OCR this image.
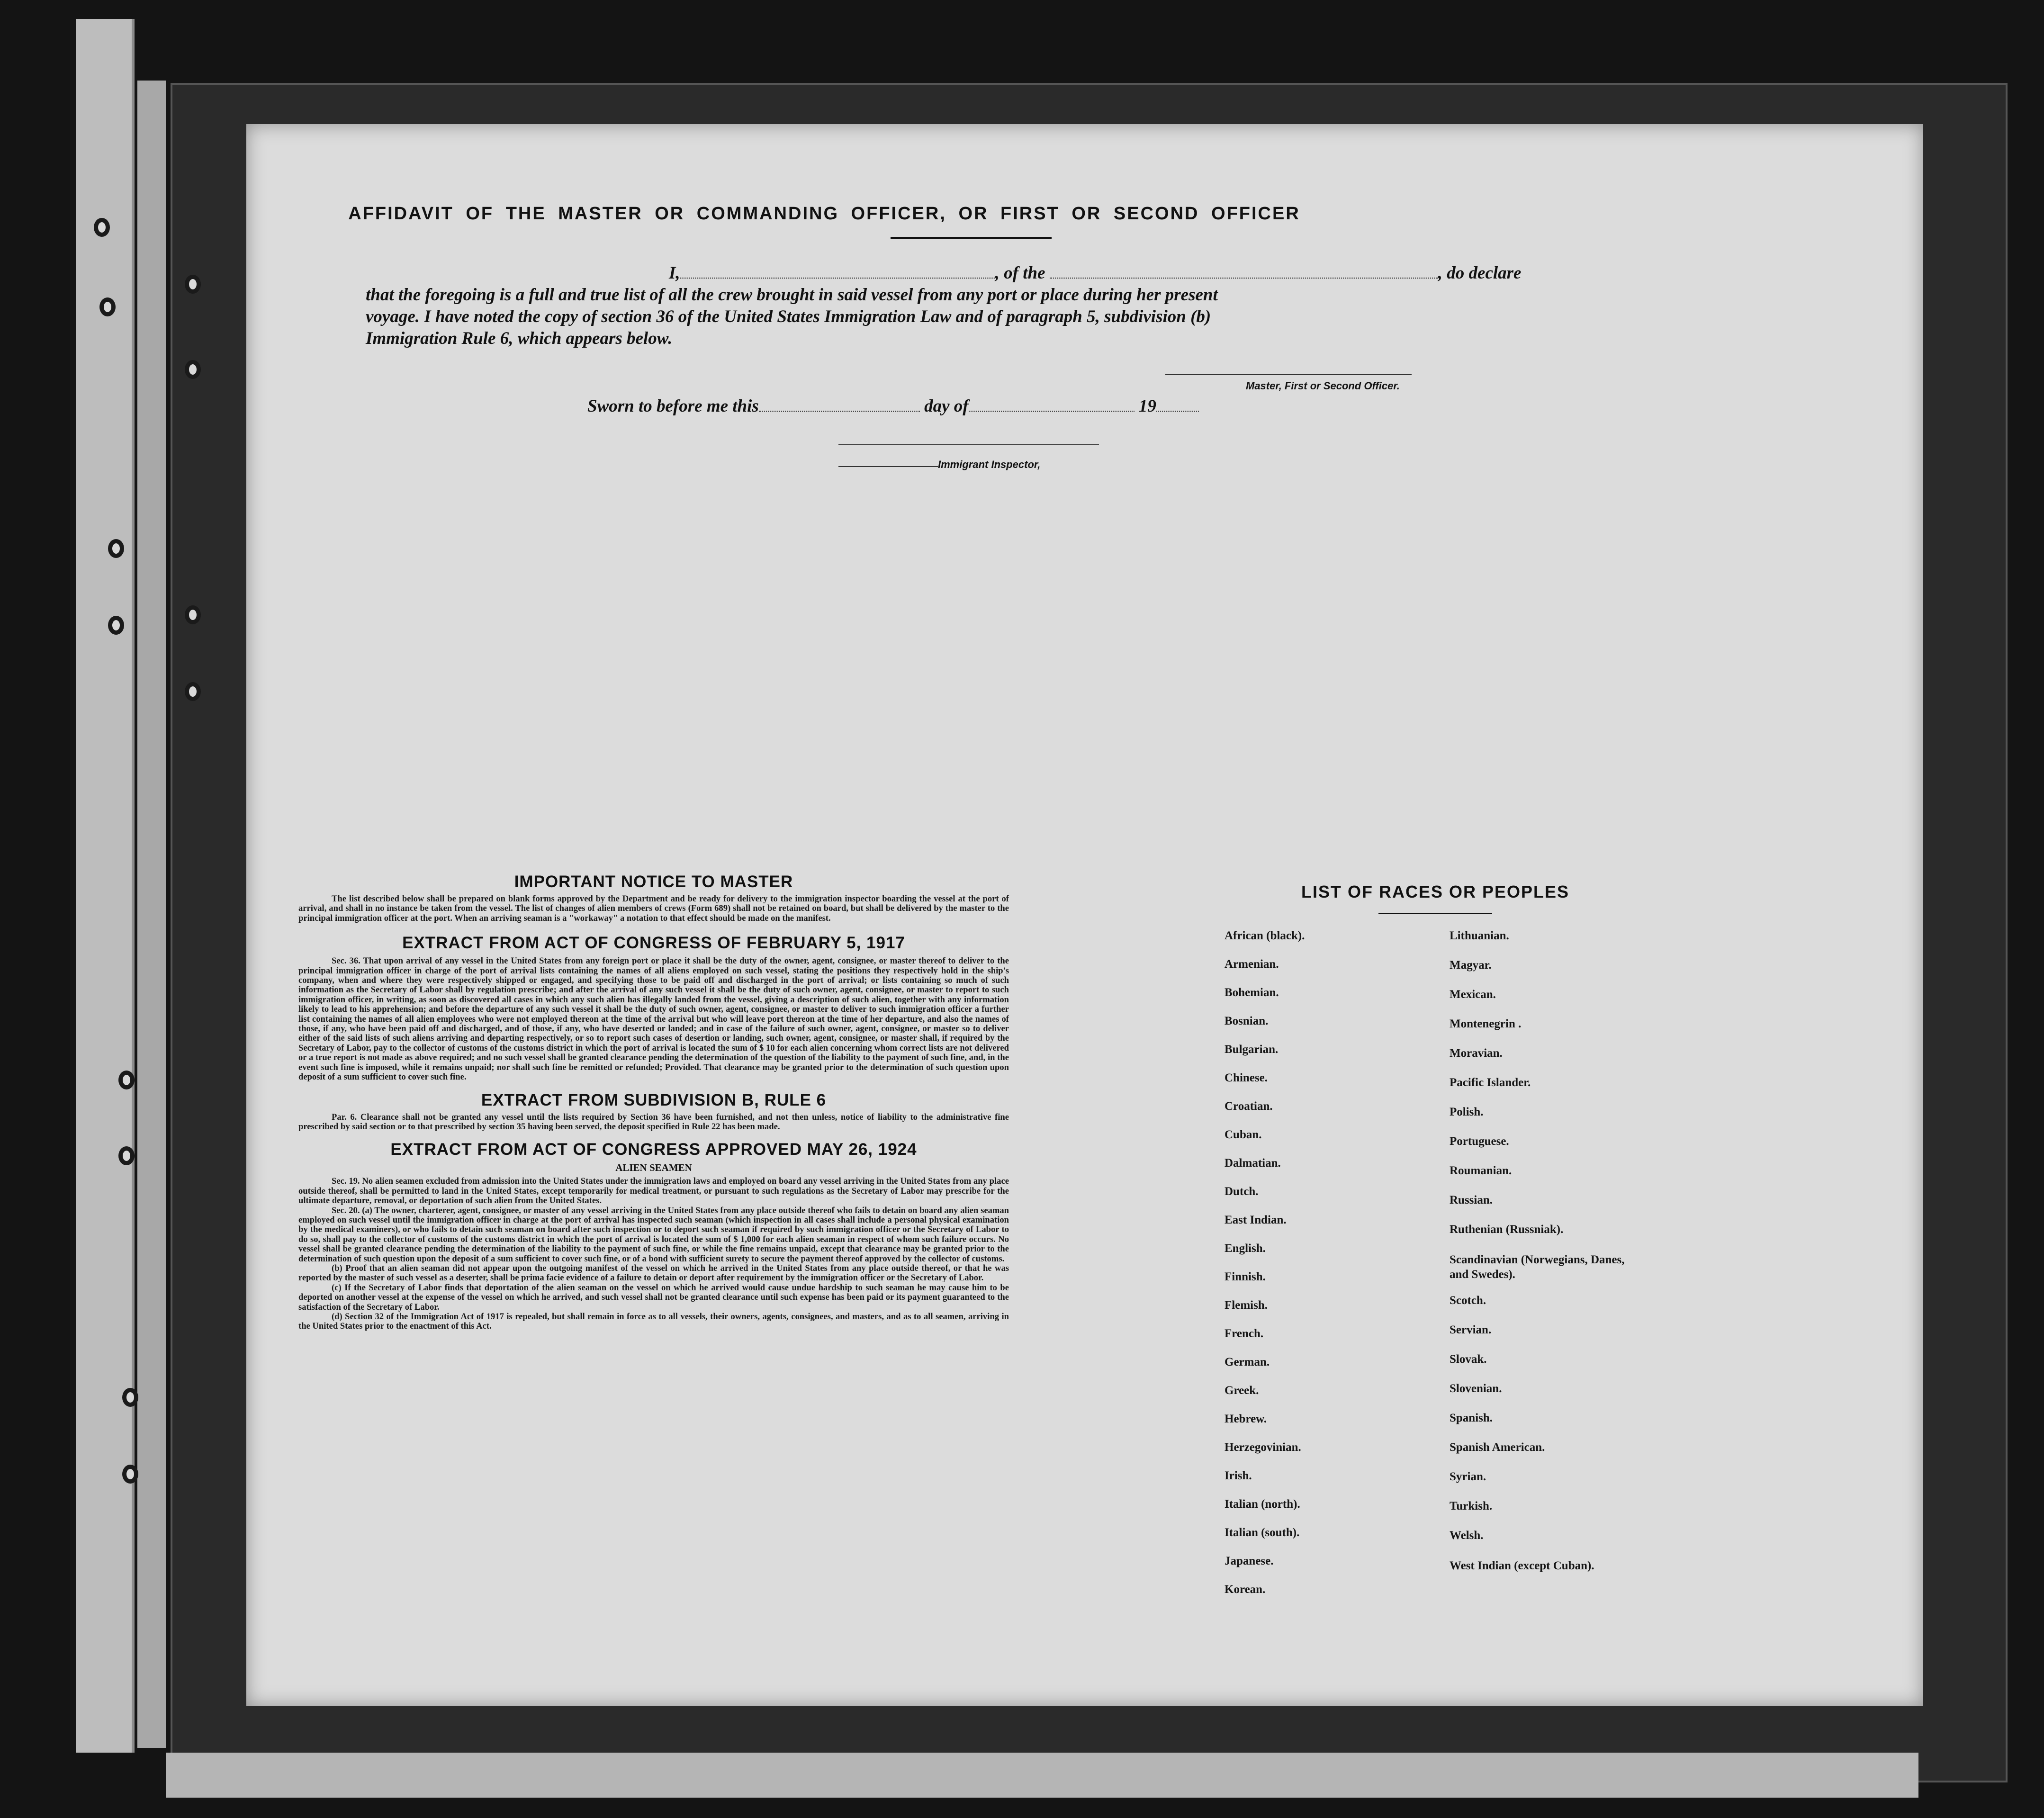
AFFIDAVIT OF THE MASTER OR COMMANDING OFFICER, OR FIRST OR SECOND OFFICER
I,	, of the	, do declare
that the foregoing is a full and true list of all the crew brought in said vessel from any port or place during her present voyage. I have noted the copy of section 36 of the United States Immigration Law and of paragraph 5, subdivision (b) Immigration Rule 6, which appears below.
Master, First or Second Officer.
Sworn to before me this	day of	19
Immigrant Inspector,
IMPORTANT NOTICE TO MASTER

The list described below shall be prepared on blank forms approved by the Department and be ready for delivery to the immigration inspector boarding the vessel at the port of arrival, and shall in no instance be taken from the vessel. The list of changes of alien members of crews (Form 689) shall not be retained on board, but shall be delivered by the master to the principal immigration officer at the port. When an arriving seaman is a "workaway" a notation to that effect should be made on the manifest.

EXTRACT FROM ACT OF CONGRESS OF FEBRUARY 5, 1917

Sec. 36. That upon arrival of any vessel in the United States from any foreign port or place it shall be the duty of the owner, agent, consignee, or master thereof to deliver to the principal immigration officer in charge of the port of arrival lists containing the names of all aliens employed on such vessel, stating the positions they respectively hold in the ship's company, when and where they were respectively shipped or engaged, and specifying those to be paid off and discharged in the port of arrival; or lists containing so much of such information as the Secretary of Labor shall by regulation prescribe; and after the arrival of any such vessel it shall be the duty of such owner, agent, consignee, or master to report to such immigration officer, in writing, as soon as discovered all cases in which any such alien has illegally landed from the vessel, giving a description of such alien, together with any information likely to lead to his apprehension; and before the departure of any such vessel it shall be the duty of such owner, agent, consignee, or master to deliver to such immigration officer a further list containing the names of all alien employees who were not employed thereon at the time of the arrival but who will leave port thereon at the time of her departure, and also the names of those, if any, who have been paid off and discharged, and of those, if any, who have deserted or landed; and in case of the failure of such owner, agent, consignee, or master so to deliver either of the said lists of such aliens arriving and departing respectively, or so to report such cases of desertion or landing, such owner, agent, consignee, or master shall, if required by the Secretary of Labor, pay to the collector of customs of the customs district in which the port of arrival is located the sum of $ 10 for each alien concerning whom correct lists are not delivered or a true report is not made as above required; and no such vessel shall be granted clearance pending the determination of the question of the liability to the payment of such fine, and, in the event such fine is imposed, while it remains unpaid; nor shall such fine be remitted or refunded; Provided. That clearance may be granted prior to the determination of such question upon deposit of a sum sufficient to cover such fine.

EXTRACT FROM SUBDIVISION B, RULE 6

Par. 6. Clearance shall not be granted any vessel until the lists required by Section 36 have been furnished, and not then unless, notice of liability to the administrative fine prescribed by said section or to that prescribed by section 35 having been served, the deposit specified in Rule 22 has been made.

EXTRACT FROM ACT OF CONGRESS APPROVED MAY 26, 1924
ALIEN SEAMEN

Sec. 19. No alien seamen excluded from admission into the United States under the immigration laws and employed on board any vessel arriving in the United States from any place outside thereof, shall be permitted to land in the United States, except temporarily for medical treatment, or pursuant to such regulations as the Secretary of Labor may prescribe for the ultimate departure, removal, or deportation of such alien from the United States.

Sec. 20. (a) The owner, charterer, agent, consignee, or master of any vessel arriving in the United States from any place outside thereof who fails to detain on board any alien seaman employed on such vessel until the immigration officer in charge at the port of arrival has inspected such seaman (which inspection in all cases shall include a personal physical examination by the medical examiners), or who fails to detain such seaman on board after such inspection or to deport such seaman if required by such immigration officer or the Secretary of Labor to do so, shall pay to the collector of customs of the customs district in which the port of arrival is located the sum of $ 1,000 for each alien seaman in respect of whom such failure occurs. No vessel shall be granted clearance pending the determination of the liability to the payment of such fine, or while the fine remains unpaid, except that clearance may be granted prior to the determination of such question upon the deposit of a sum sufficient to cover such fine, or of a bond with sufficient surety to secure the payment thereof approved by the collector of customs.

(b) Proof that an alien seaman did not appear upon the outgoing manifest of the vessel on which he arrived in the United States from any place outside thereof, or that he was reported by the master of such vessel as a deserter, shall be prima facie evidence of a failure to detain or deport after requirement by the immigration officer or the Secretary of Labor.

(c) If the Secretary of Labor finds that deportation of the alien seaman on the vessel on which he arrived would cause undue hardship to such seaman he may cause him to be deported on another vessel at the expense of the vessel on which he arrived, and such vessel shall not be granted clearance until such expense has been paid or its payment guaranteed to the satisfaction of the Secretary of Labor.

(d) Section 32 of the Immigration Act of 1917 is repealed, but shall remain in force as to all vessels, their owners, agents, consignees, and masters, and as to all seamen, arriving in the United States prior to the enactment of this Act.

LIST OF RACES OR PEOPLES
African (black).
Armenian.
Bohemian.
Bosnian.
Bulgarian.
Chinese.
Croatian.
Cuban.
Dalmatian.
Dutch.
East Indian.
English.
Finnish.
Flemish.
French.
German.
Greek.
Hebrew.
Herzegovinian.
Irish.
Italian (north).
Italian (south).
Japanese.
Korean.
Lithuanian.
Magyar.
Mexican.
Montenegrin .
Moravian.
Pacific Islander.
Polish.
Portuguese.
Roumanian.
Russian.
Ruthenian (Russniak).
Scandinavian (Norwegians, Danes, and Swedes).
Scotch.
Servian.
Slovak.
Slovenian.
Spanish.
Spanish American.
Syrian.
Turkish.
Welsh.
West Indian (except Cuban).
